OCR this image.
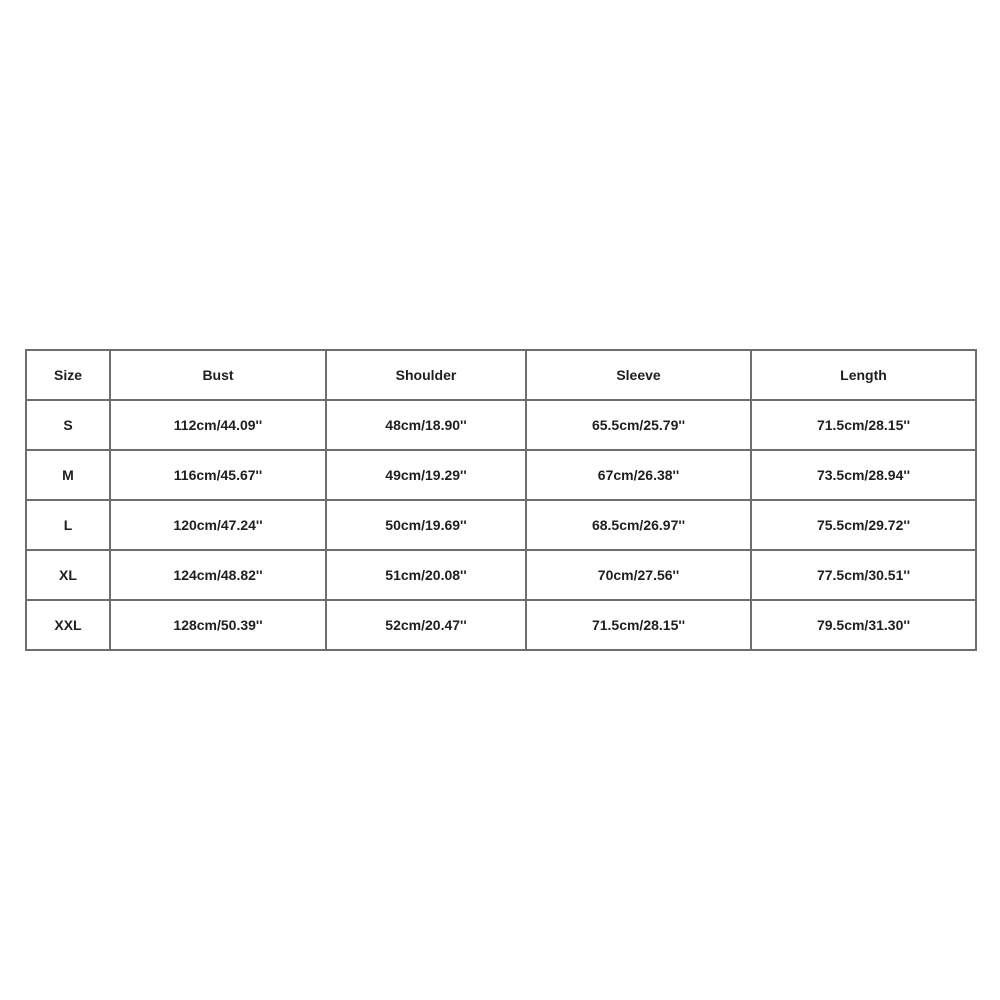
Size	Bust	Shoulder	Sleeve	Length
S	112cm/44.09''	48cm/18.90''	65.5cm/25.79''	71.5cm/28.15''
M	116cm/45.67''	49cm/19.29''	67cm/26.38''	73.5cm/28.94''
L	120cm/47.24''	50cm/19.69''	68.5cm/26.97''	75.5cm/29.72''
XL	124cm/48.82''	51cm/20.08''	70cm/27.56''	77.5cm/30.51''
XXL	128cm/50.39''	52cm/20.47''	71.5cm/28.15''	79.5cm/31.30''
